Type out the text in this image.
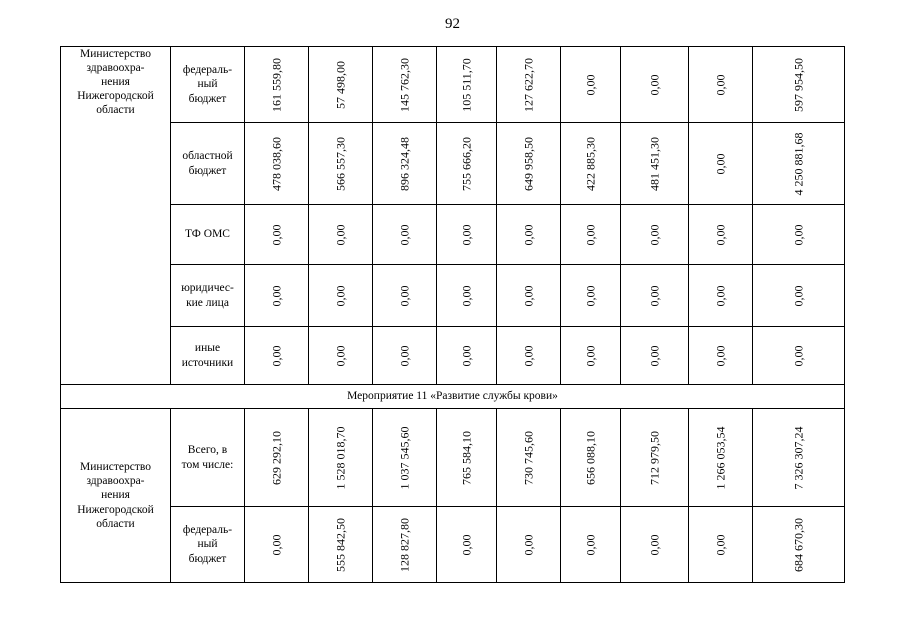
92
Министерство
здравоохра-
нения
Нижегородской
области	федераль-
ный
бюджет	161 559,80	57 498,00	145 762,30	105 511,70	127 622,70	0,00	0,00	0,00	597 954,50

	областной
бюджет	478 038,60	566 557,30	896 324,48	755 666,20	649 958,50	422 885,30	481 451,30	0,00	4 250 881,68

	ТФ ОМС	0,00	0,00	0,00	0,00	0,00	0,00	0,00	0,00	0,00

	юридичес-
кие лица	0,00	0,00	0,00	0,00	0,00	0,00	0,00	0,00	0,00

	иные
источники	0,00	0,00	0,00	0,00	0,00	0,00	0,00	0,00	0,00

Мероприятие 11 «Развитие службы крови»										
Министерство
здравоохра-
нения
Нижегородской
области	Всего, в
том числе:	629 292,10	1 528 018,70	1 037 545,60	765 584,10	730 745,60	656 088,10	712 979,50	1 266 053,54	7 326 307,24

	федераль-
ный
бюджет	0,00	555 842,50	128 827,80	0,00	0,00	0,00	0,00	0,00	684 670,30
